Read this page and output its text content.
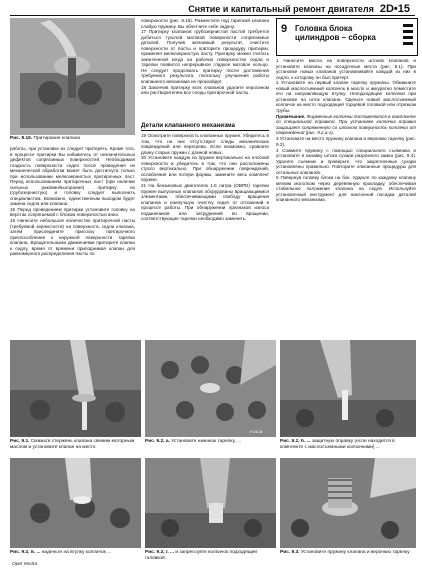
Снятие и капитальный ремонт двигателя 2D•15
Рис. 8.16. Притирание клапана

работы, при установке их следует притереть. Кроме того, в процессе притирки Вы избавитесь от незначительных дефектов сопрягаемых поверхностей. Необходимая гладкость поверхности седел после проведения их механической обработки может быть достигнута только при использовании мелкозернистых притирочных паст. Перед использованием притирочных паст (при наличии сильных раковин/выгорания) притирку их (грубозернистую) и головку следует выполнить специалистом. Возможно, единственным выходом будет замена седла или клапана.

15 Перед проведением притирки установите головку на верстак сопрягаемой с блоком поверхностью вниз.

16 Нанесите небольшое количество притирочной пасты (требуемой зернистости) на поверхность седла клапана, затем присоедините присоску притирочного приспособления к наружной поверхности тарелки клапана. Вращательными движениями притирите клапан к седлу, время от времени приподнимая клапан для равномерного распределения пасты по

поверхности (рис. 8.16). Разместите под тарелкой клапана слабую пружину. Вы облегчите себе задачу.

17 Притирку клапанов грубозернистой пастой требуется добиться тусклой матовой поверхности сопрягаемых деталей. Получив желаемый результат, очистите поверхности от пасты и повторите процедуру притирки, применяя мелкозернистую пасту. Притирку можно считать законченной когда на рабочих поверхностях седла и тарелки появится непрерывное гладкое матовое кольцо. Не следует продолжать притирку после достижения требуемого результата, поскольку улучшения работы клапанного механизма не произойдет.

18 Закончив притирку всех клапанов удалите керосином или растворителем все следы притирочной пасты.

Детали клапанного механизма

19 Осмотрите поверхность клапанных пружин. Убедитесь в том, что на них отсутствуют следы механических повреждений или перегрева. Если возможно, сравните длину старых пружин с длиной новых.

20 Установите каждую из пружин вертикально на плоской поверхности и убедитесь в том, что они расположены строго вертикально. При обнаружении повреждений, ослабления или потери формы, замените весь комплект пружин.

21 На бензиновых двигателях 1.6 литра (OBPD) тарелки пружин выпускных клапанов оборудованы вращающимися элементами, обеспечивающими свободу вращения клапанов и наилучшую очистку седел от отложений в процессе работы. При обнаружении признаков износа подшипников или затруднений во вращении, соответствующие тарелки необходимо заменить.

9 Головка блока
цилиндров – сборка

1 Нанесите масло на поверхности штоков клапанов и установите клапаны на посадочные места (рис. 9.1). При установке новых клапанов устанавливайте каждый из них в седло, к которому он был притерт.

2 Установите на первый клапан тарелку пружины. Обмакните новый маслосъемный колпачок в масло и аккуратно поместите его на направляющую втулку. Неподходящие колпачки при установке на шток клапана. Оденьте новый маслосъемный колпачок на место подходящей торцевой головкой или отрезком трубы.

Примечание. Фирменные колпачки поставляются в комплекте со специальной оправкой. При установке колпачка оправка защищает сопряженную со штоком поверхность колпачка от повреждений (рис. 9.2,а-г).

3 Установите на место пружину клапана и верхнюю тарелку (рис. 9.3).

4 Сожмите пружину с помощью специального съемника и установите в канавку штока сухари разрезного замка (рис. 9.4). Удалите съемник и проверьте, что закрепленные сухари установлены правильно. Повторите описанные процедуры для остальных клапанов.

5 Повернув головку блока на бок. Ударьте по каждому клапану мягким молотком через деревянную прокладку, обеспечивая стабильное положение клапана на седле. Используйте установочный инструмент для наклонной посадки деталей клапанного механизма.

Рис. 9.1. Смажьте стержень клапана свежим моторным маслом и установите клапан на место
H 24-04
Рис. 9.2, а. Установите нижнюю тарелку, ...	Рис. 9.2, б. ... защитную оправку (если находится в комплекте с маслосъемными колпачками) ...
Рис. 9.2, в. ... наденьте на втулку колпачок ...	Рис. 9.2, г. ... и запрессуйте колпачок подходящей головкой
Рис. 9.3. Установите пружину клапана и верхнюю тарелку
Opel Vectra
